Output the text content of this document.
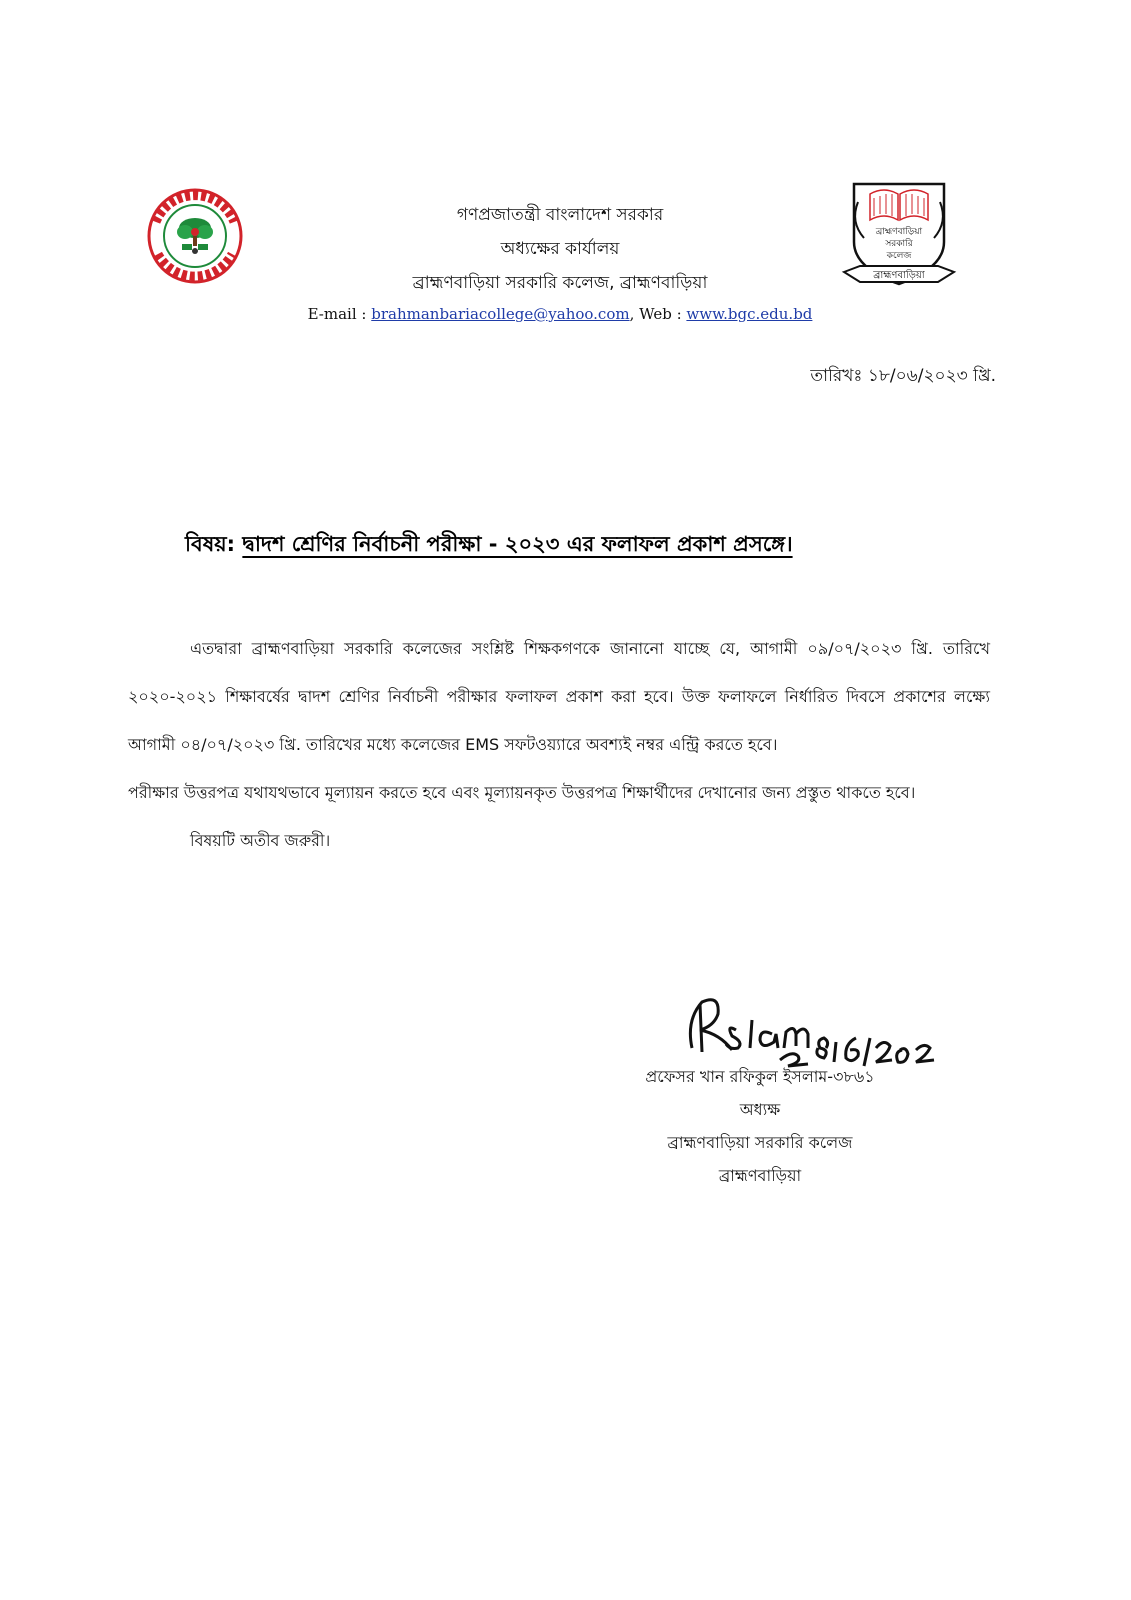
গণপ্রজাতন্ত্রী বাংলাদেশ সরকার
অধ্যক্ষের কার্যালয়
ব্রাহ্মণবাড়িয়া সরকারি কলেজ, ব্রাহ্মণবাড়িয়া
E-mail : brahmanbariacollege@yahoo.com, Web : www.bgc.edu.bd
ব্রাহ্মণবাড়িয়া
সরকারি
কলেজ
ব্রাহ্মণবাড়িয়া
তারিখঃ ১৮/০৬/২০২৩ খ্রি.
বিষয়: দ্বাদশ শ্রেণির নির্বাচনী পরীক্ষা - ২০২৩ এর ফলাফল প্রকাশ প্রসঙ্গে।

এতদ্বারা ব্রাহ্মণবাড়িয়া সরকারি কলেজের সংশ্লিষ্ট শিক্ষকগণকে জানানো যাচ্ছে যে, আগামী ০৯/০৭/২০২৩ খ্রি. তারিখে ২০২০-২০২১ শিক্ষাবর্ষের দ্বাদশ শ্রেণির নির্বাচনী পরীক্ষার ফলাফল প্রকাশ করা হবে। উক্ত ফলাফলে নির্ধারিত দিবসে প্রকাশের লক্ষ্যে আগামী ০৪/০৭/২০২৩ খ্রি. তারিখের মধ্যে কলেজের EMS সফটওয়্যারে অবশ্যই নম্বর এন্ট্রি করতে হবে।

পরীক্ষার উত্তরপত্র যথাযথভাবে মূল্যায়ন করতে হবে এবং মূল্যায়নকৃত উত্তরপত্র শিক্ষার্থীদের দেখানোর জন্য প্রস্তুত থাকতে হবে।

বিষয়টি অতীব জরুরী।

প্রফেসর খান রফিকুল ইসলাম-৩৮৬১
অধ্যক্ষ
ব্রাহ্মণবাড়িয়া সরকারি কলেজ
ব্রাহ্মণবাড়িয়া
